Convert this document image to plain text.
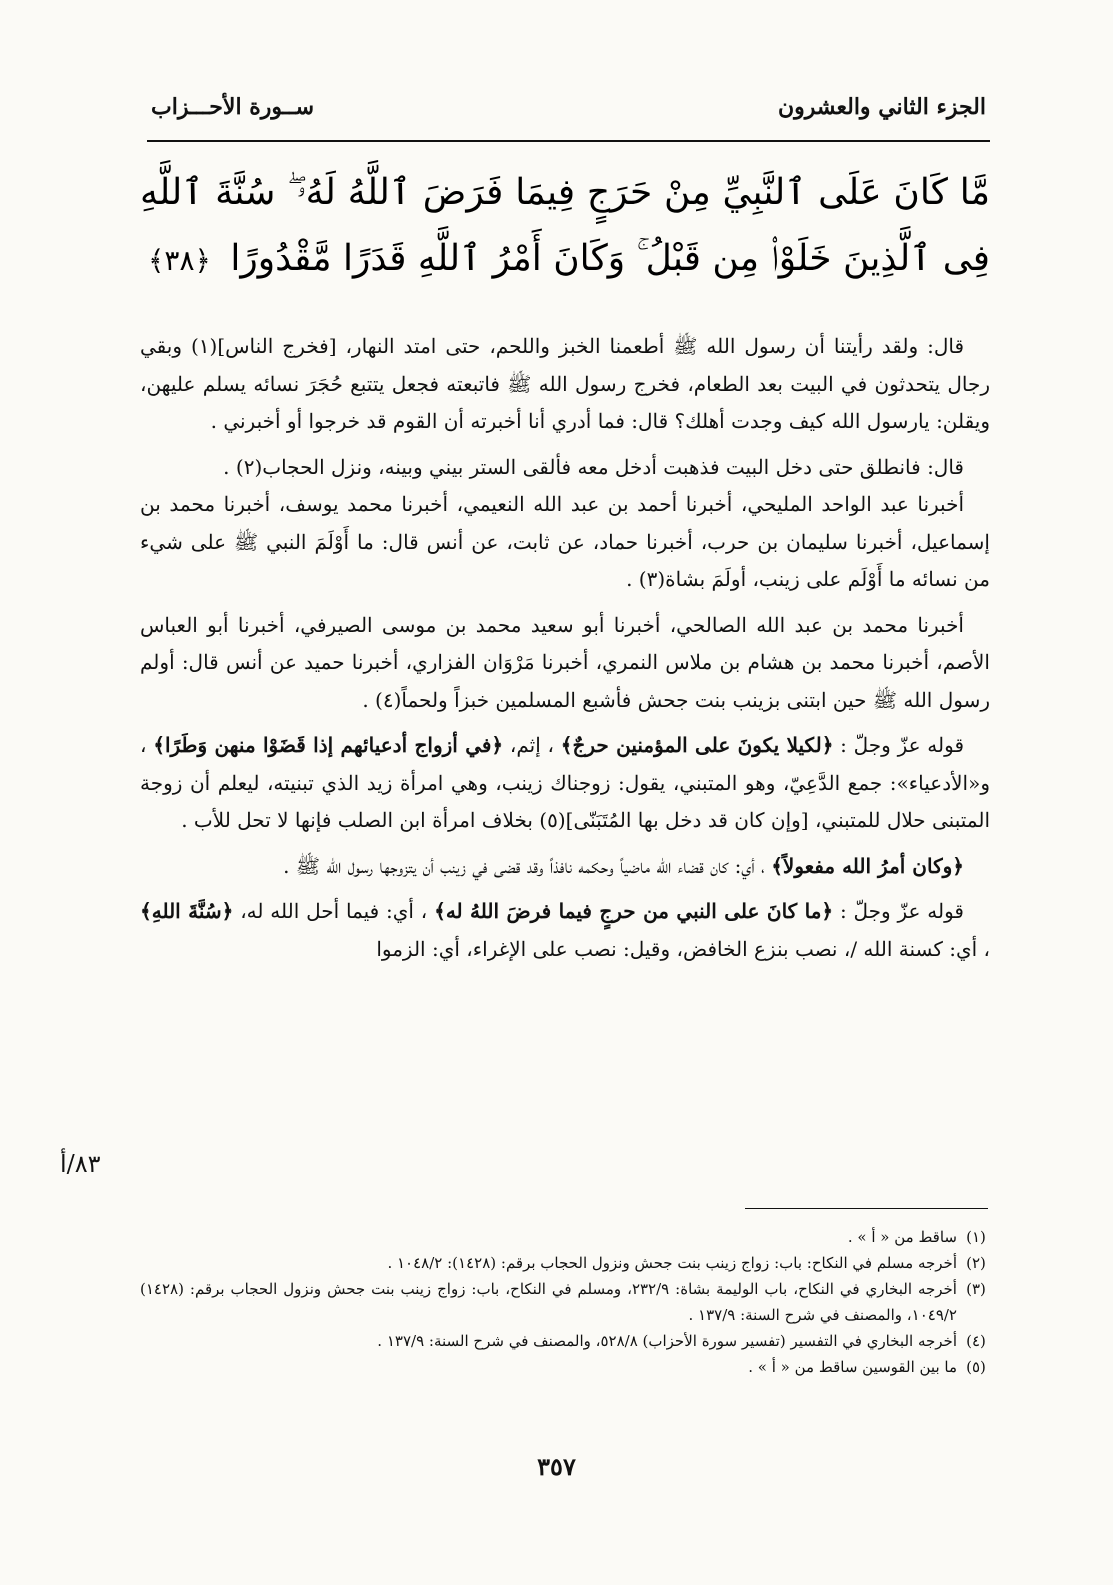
الجزء الثاني والعشرون
ســورة الأحـــزاب
مَّا كَانَ عَلَى ٱلنَّبِيِّ مِنْ حَرَجٍ فِيمَا فَرَضَ ٱللَّهُ لَهُۥ ۖ سُنَّةَ ٱللَّهِ فِى ٱلَّذِينَ خَلَوْا۟ مِن قَبْلُ ۚ وَكَانَ أَمْرُ ٱللَّهِ قَدَرًا مَّقْدُورًا ﴿٣٨﴾

قال: ولقد رأيتنا أن رسول الله ﷺ أطعمنا الخبز واللحم، حتى امتد النهار، [فخرج الناس](١) وبقي رجال يتحدثون في البيت بعد الطعام، فخرج رسول الله ﷺ فاتبعته فجعل يتتبع حُجَرَ نسائه يسلم عليهن، ويقلن: يارسول الله كيف وجدت أهلك؟ قال: فما أدري أنا أخبرته أن القوم قد خرجوا أو أخبرني .

قال: فانطلق حتى دخل البيت فذهبت أدخل معه فألقى الستر بيني وبينه، ونزل الحجاب(٢) .

أخبرنا عبد الواحد المليحي، أخبرنا أحمد بن عبد الله النعيمي، أخبرنا محمد يوسف، أخبرنا محمد بن إسماعيل، أخبرنا سليمان بن حرب، أخبرنا حماد، عن ثابت، عن أنس قال: ما أَوْلَمَ النبي ﷺ على شيء من نسائه ما أَوْلَم على زينب، أولَمَ بشاة(٣) .

أخبرنا محمد بن عبد الله الصالحي، أخبرنا أبو سعيد محمد بن موسى الصيرفي، أخبرنا أبو العباس الأصم، أخبرنا محمد بن هشام بن ملاس النمري، أخبرنا مَرْوَان الفزاري، أخبرنا حميد عن أنس قال: أولم رسول الله ﷺ حين ابتنى بزينب بنت جحش فأشبع المسلمين خبزاً ولحماً(٤) .

قوله عزّ وجلّ : ﴿لكيلا يكونَ على المؤمنين حرجٌ﴾ ، إثم، ﴿في أزواج أدعيائهم إذا قَضَوْا منهن وَطَرًا﴾ ، و«الأدعياء»: جمع الدَّعِيّ، وهو المتبني، يقول: زوجناك زينب، وهي امرأة زيد الذي تبنيته، ليعلم أن زوجة المتبنى حلال للمتبني، [وإن كان قد دخل بها المُتَبَنّى](٥) بخلاف امرأة ابن الصلب فإنها لا تحل للأب .

﴿وكان أمرُ الله مفعولاً﴾ ، أي: كان قضاء الله ماضياً وحكمه نافذاً وقد قضى في زينب أن يتزوجها رسول الله ﷺ .

قوله عزّ وجلّ : ﴿ما كانَ على النبي من حرجٍ فيما فرضَ اللهُ له﴾ ، أي: فيما أحل الله له، ﴿سُنَّةَ اللهِ﴾ ، أي: كسنة الله /، نصب بنزع الخافض، وقيل: نصب على الإغراء، أي: الزموا

٨٣/أ
(١)
ساقط من « أ » .
(٢)
أخرجه مسلم في النكاح: باب: زواج زينب بنت جحش ونزول الحجاب برقم: (١٤٢٨): ١٠٤٨/٢ .
(٣)
أخرجه البخاري في النكاح، باب الوليمة بشاة: ٢٣٢/٩، ومسلم في النكاح، باب: زواج زينب بنت جحش ونزول الحجاب برقم: (١٤٢٨) ١٠٤٩/٢، والمصنف في شرح السنة: ١٣٧/٩ .
(٤)
أخرجه البخاري في التفسير (تفسير سورة الأحزاب) ٥٢٨/٨، والمصنف في شرح السنة: ١٣٧/٩ .
(٥)
ما بين القوسين ساقط من « أ » .
٣٥٧
